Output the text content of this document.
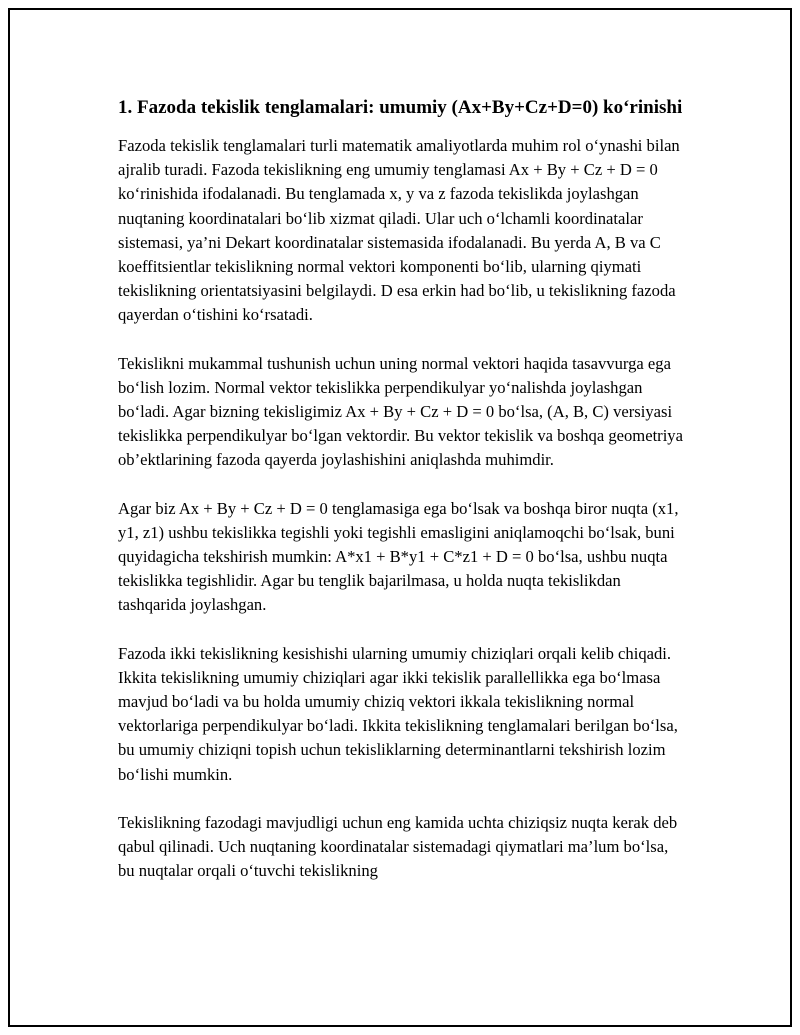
1. Fazoda tekislik tenglamalari: umumiy (Ax+By+Cz+D=0) ko‘rinishi

Fazoda tekislik tenglamalari turli matematik amaliyotlarda muhim rol o‘ynashi bilan ajralib turadi. Fazoda tekislikning eng umumiy tenglamasi Ax + By + Cz + D = 0 ko‘rinishida ifodalanadi. Bu tenglamada x, y va z fazoda tekislikda joylashgan nuqtaning koordinatalari bo‘lib xizmat qiladi. Ular uch o‘lchamli koordinatalar sistemasi, ya’ni Dekart koordinatalar sistemasida ifodalanadi. Bu yerda A, B va C koeffitsientlar tekislikning normal vektori komponenti bo‘lib, ularning qiymati tekislikning orientatsiyasini belgilaydi. D esa erkin had bo‘lib, u tekislikning fazoda qayerdan o‘tishini ko‘rsatadi.

Tekislikni mukammal tushunish uchun uning normal vektori haqida tasavvurga ega bo‘lish lozim. Normal vektor tekislikka perpendikulyar yo‘nalishda joylashgan bo‘ladi. Agar bizning tekisligimiz Ax + By + Cz + D = 0 bo‘lsa, (A, B, C) versiyasi tekislikka perpendikulyar bo‘lgan vektordir. Bu vektor tekislik va boshqa geometriya ob’ektlarining fazoda qayerda joylashishini aniqlashda muhimdir.

Agar biz Ax + By + Cz + D = 0 tenglamasiga ega bo‘lsak va boshqa biror nuqta (x1, y1, z1) ushbu tekislikka tegishli yoki tegishli emasligini aniqlamoqchi bo‘lsak, buni quyidagicha tekshirish mumkin: A*x1 + B*y1 + C*z1 + D = 0 bo‘lsa, ushbu nuqta tekislikka tegishlidir. Agar bu tenglik bajarilmasa, u holda nuqta tekislikdan tashqarida joylashgan.

Fazoda ikki tekislikning kesishishi ularning umumiy chiziqlari orqali kelib chiqadi. Ikkita tekislikning umumiy chiziqlari agar ikki tekislik parallellikka ega bo‘lmasa mavjud bo‘ladi va bu holda umumiy chiziq vektori ikkala tekislikning normal vektorlariga perpendikulyar bo‘ladi. Ikkita tekislikning tenglamalari berilgan bo‘lsa, bu umumiy chiziqni topish uchun tekisliklarning determinantlarni tekshirish lozim bo‘lishi mumkin.

Tekislikning fazodagi mavjudligi uchun eng kamida uchta chiziqsiz nuqta kerak deb qabul qilinadi. Uch nuqtaning koordinatalar sistemadagi qiymatlari ma’lum bo‘lsa, bu nuqtalar orqali o‘tuvchi tekislikning
